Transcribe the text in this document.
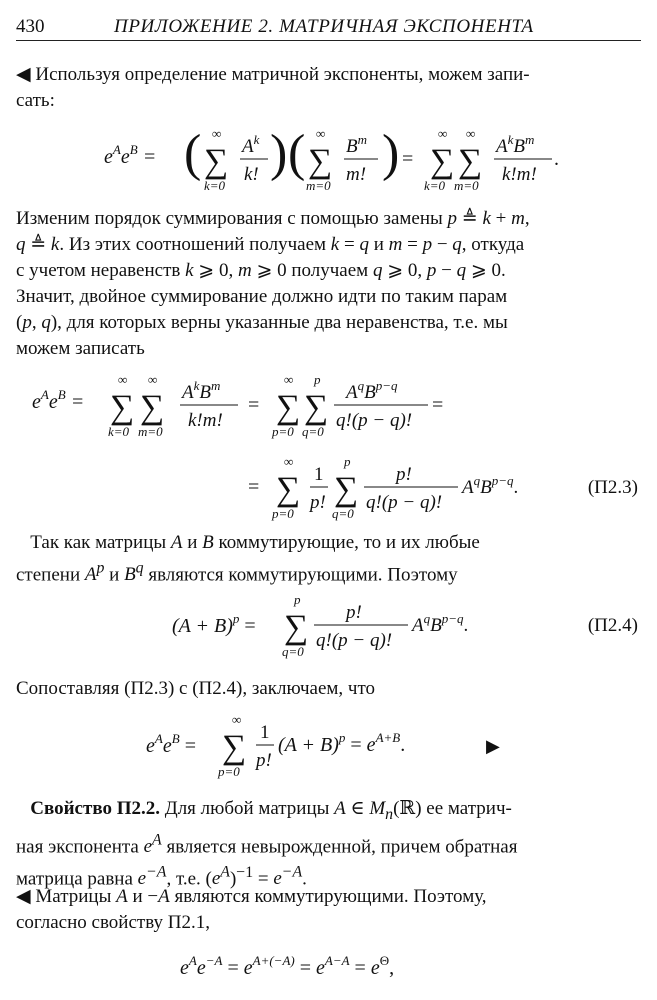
430	ПРИЛОЖЕНИЕ 2. МАТРИЧНАЯ ЭКСПОНЕНТА
◀ Используя определение матричной экспоненты, можем запи-
сать:
$e^Ae^B$ = ( ∞
∑
k=0
$A^k$
k! ) ( ∞
∑
m=0
$B^m$
m! ) =
∞
∑
k=0
∞
∑
m=0
$A^kB^m$
k!m!
.
Изменим порядок суммирования с помощью замены p ≜ k + m,
q ≜ k. Из этих соотношений получаем k = q и m = p − q, откуда
с учетом неравенств k ⩾ 0, m ⩾ 0 получаем q ⩾ 0, p − q ⩾ 0.
Значит, двойное суммирование должно идти по таким парам
(p, q), для которых верны указанные два неравенства, т.е. мы
можем записать
$e^Ae^B$ =
∞
∑
k=0
∞
∑
m=0
$A^kB^m$
k!m!
=
∞
∑
p=0
p
∑
q=0
$A^qB^{p-q}$
q!(p − q)!
=
=
∞
∑
p=0
1
p!
p
∑
q=0
p!
q!(p − q)!
$A^qB^{p-q}$.	(П2.3)
Так как матрицы A и B коммутирующие, то и их любые
степени $A^p$ и $B^q$ являются коммутирующими. Поэтому
$(A + B)^p$ =
p
∑
q=0
p!
q!(p − q)!
$A^qB^{p-q}$.	(П2.4)
Сопоставляя (П2.3) с (П2.4), заключаем, что
$e^Ae^B$ =
∞
∑
p=0
1
p!
$(A + B)^p = e^{A+B}$.	▶
Свойство П2.2. Для любой матрицы A ∈ $M_n(ℝ)$ ее матрич-
ная экспонента $e^A$ является невырожденной, причем обратная
матрица равна $e^{-A}$, т.е. $(e^A)^{-1} = e^{-A}$.
◀ Матрицы A и −A являются коммутирующими. Поэтому,
согласно свойству П2.1,
$e^Ae^{-A} = e^{A+(-A)} = e^{A-A} = e^\Theta$,
